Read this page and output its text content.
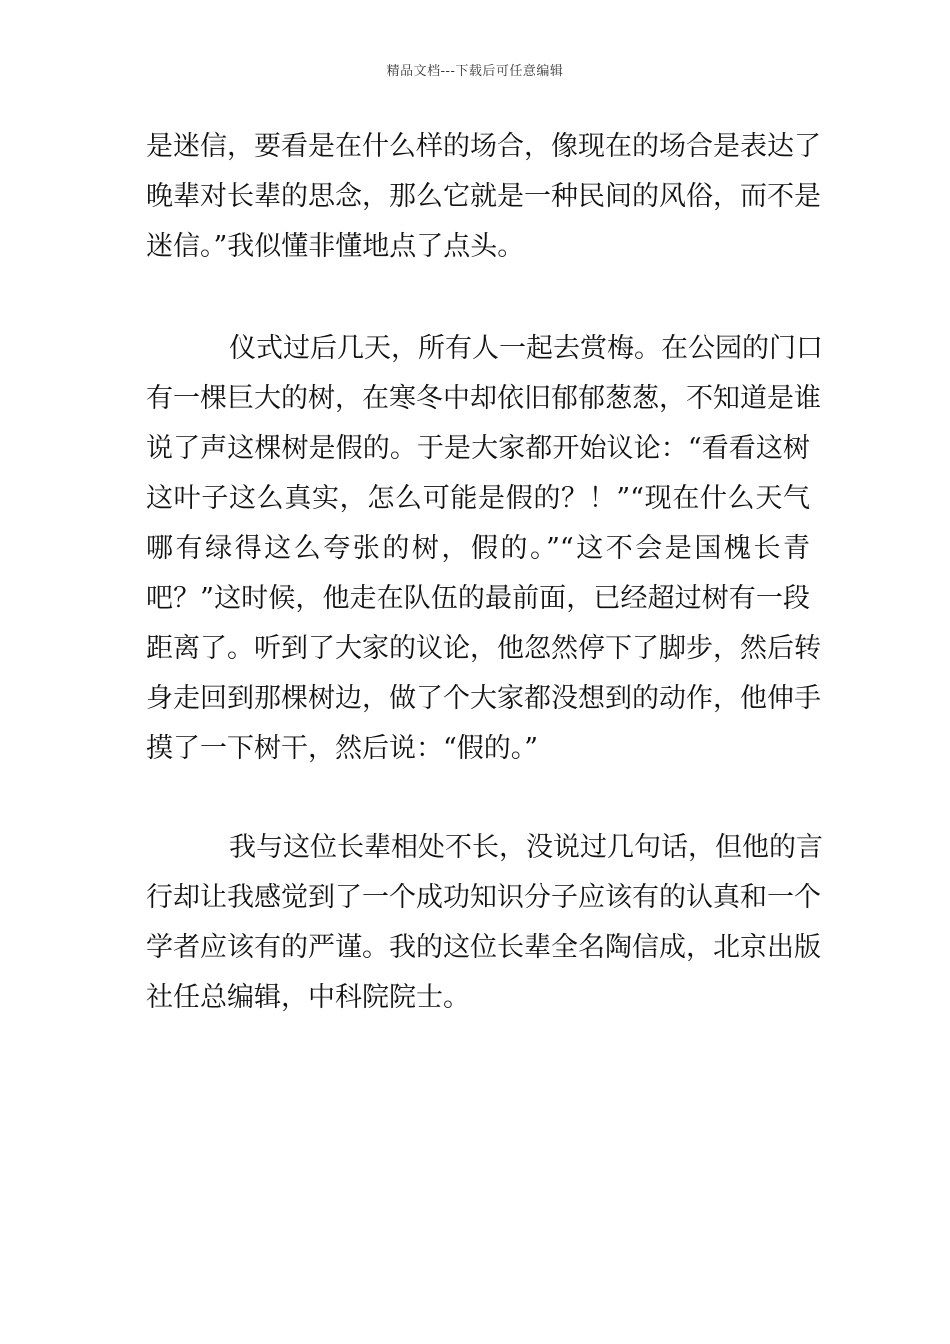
精品文档---下载后可任意编辑
是迷信，要看是在什么样的场合，像现在的场合是表达了
晚辈对长辈的思念，那么它就是一种民间的风俗，而不是
迷信。”我似懂非懂地点了点头。
仪式过后几天，所有人一起去赏梅。在公园的门口
有一棵巨大的树，在寒冬中却依旧郁郁葱葱，不知道是谁
说了声这棵树是假的。于是大家都开始议论：“看看这树
这叶子这么真实，怎么可能是假的？！”“现在什么天气
哪有绿得这么夸张的树，假的。”“这不会是国槐长青
吧？”这时候，他走在队伍的最前面，已经超过树有一段
距离了。听到了大家的议论，他忽然停下了脚步，然后转
身走回到那棵树边，做了个大家都没想到的动作，他伸手
摸了一下树干，然后说：“假的。”
我与这位长辈相处不长，没说过几句话，但他的言
行却让我感觉到了一个成功知识分子应该有的认真和一个
学者应该有的严谨。我的这位长辈全名陶信成，北京出版
社任总编辑，中科院院士。
